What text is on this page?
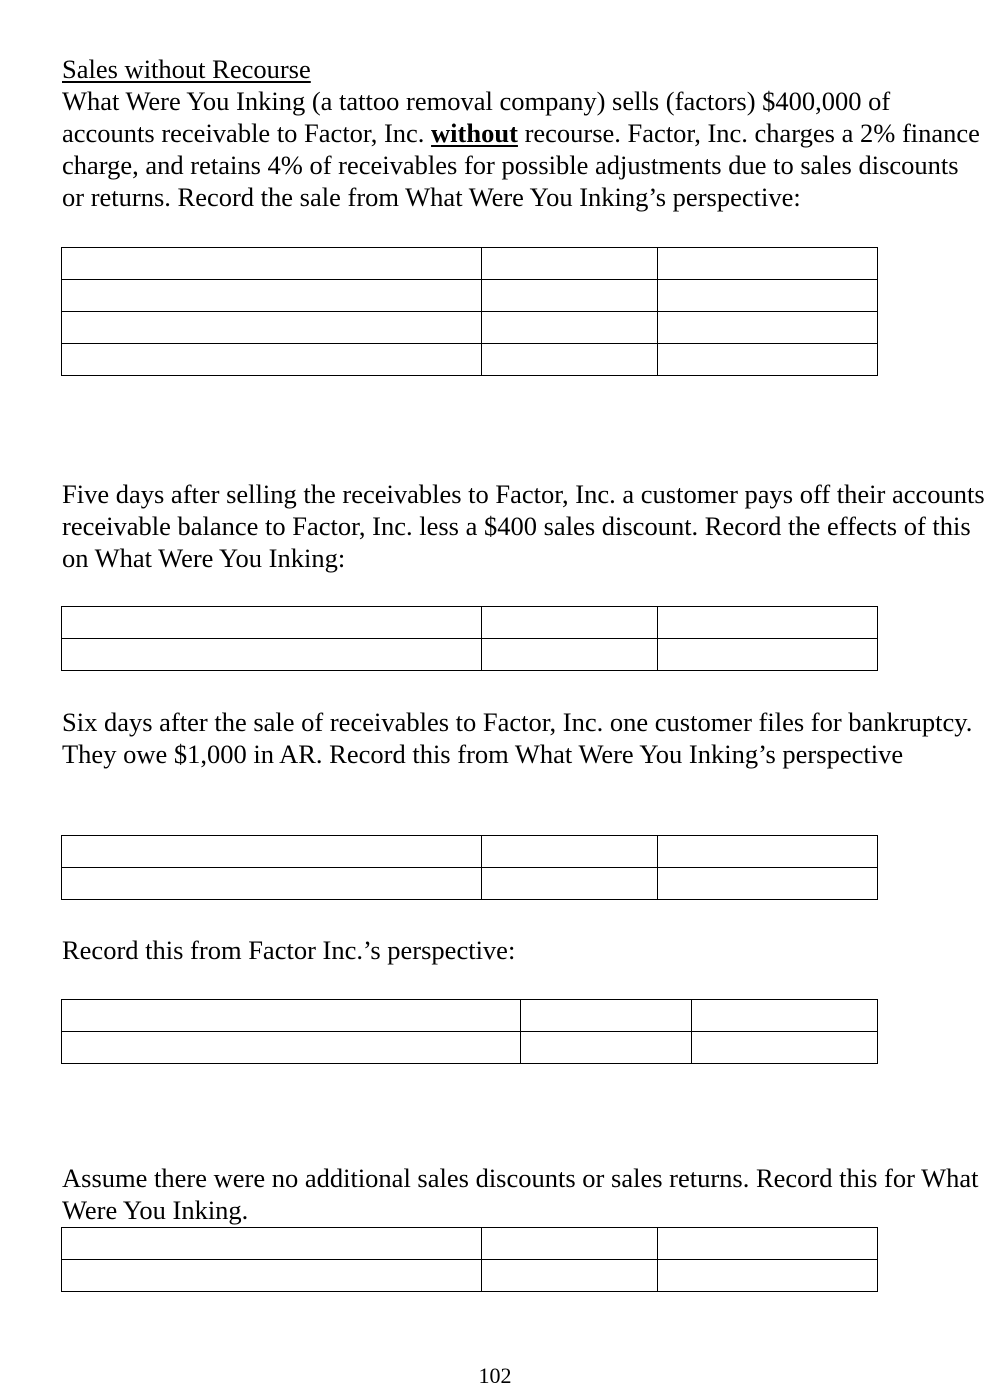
Sales without Recourse
What Were You Inking (a tattoo removal company) sells (factors) $400,000 of accounts receivable to Factor, Inc. without recourse. Factor, Inc. charges a 2% finance charge, and retains 4% of receivables for possible adjustments due to sales discounts or returns. Record the sale from What Were You Inking’s perspective:

Five days after selling the receivables to Factor, Inc. a customer pays off their accounts receivable balance to Factor, Inc. less a $400 sales discount. Record the effects of this on What Were You Inking:

Six days after the sale of receivables to Factor, Inc. one customer files for bankruptcy. They owe $1,000 in AR. Record this from What Were You Inking’s perspective

Record this from Factor Inc.’s perspective:

Assume there were no additional sales discounts or sales returns. Record this for What Were You Inking.

102
